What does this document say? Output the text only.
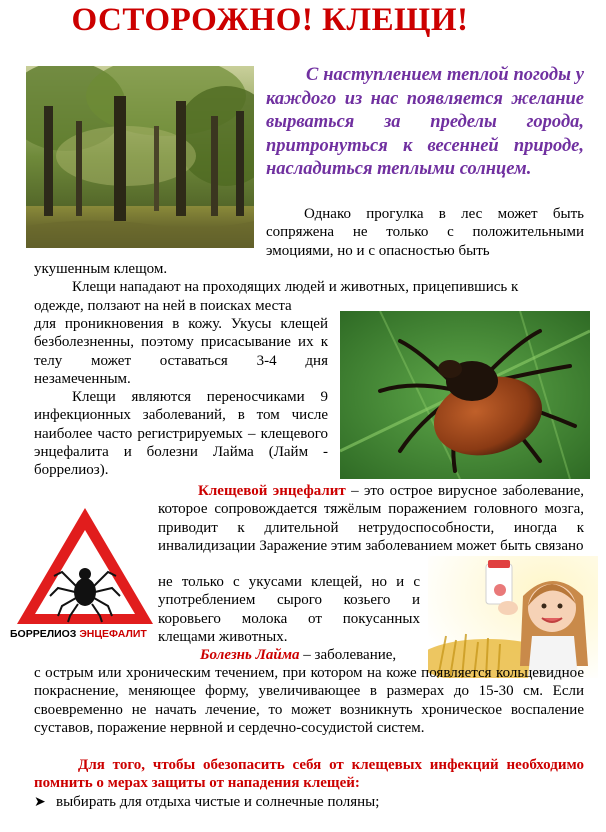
ОСТОРОЖНО! КЛЕЩИ!
С наступлением теплой погоды у каждого из нас появляется желание вырваться за пределы города, притронуться к весенней природе, насладиться теплыми солнцем.
Однако прогулка в лес может быть сопряжена не только с положительными эмоциями, но и с опасностью быть
укушенным клещом.
Клещи нападают на проходящих людей и животных, прицепившись к
одежде, ползают на ней в поисках места
для проникновения в кожу. Укусы клещей безболезненны, поэтому присасывание их к телу может оставаться 3-4 дня незамеченным.
Клещи являются переносчиками 9 инфекционных заболеваний, в том числе наиболее часто регистрируемых – клещевого энцефалита и болезни Лайма (Лайм - боррелиоз).
БОРРЕЛИОЗ ЭНЦЕФАЛИТ
Клещевой энцефалит – это острое вирусное заболевание, которое сопровождается тяжёлым поражением головного мозга, приводит к длительной нетрудоспособности, иногда к инвалидизации Заражение этим заболеванием может быть связано
не только с укусами клещей, но и с употреблением сырого козьего и коровьего молока от покусанных клещами животных.
Болезнь Лайма – заболевание,
с острым или хроническим течением, при котором на коже появляется кольцевидное покраснение, меняющее форму, увеличивающее в размерах до 15-30 см. Если своевременно не начать лечение, то может возникнуть хроническое воспаление суставов, поражение нервной и сердечно-сосудистой систем.
Для того, чтобы обезопасить себя от клещевых инфекций необходимо помнить о мерах защиты от нападения клещей:
➤ выбирать для отдыха чистые и солнечные поляны;
